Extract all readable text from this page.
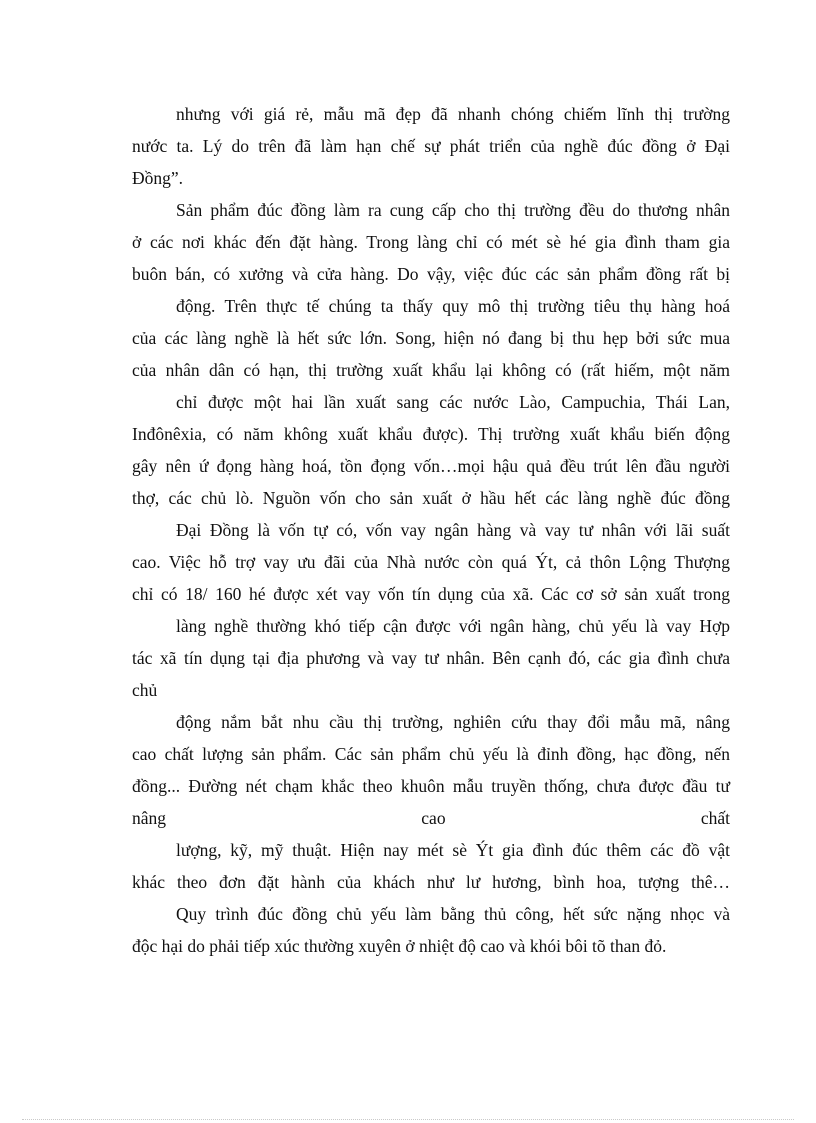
nhưng với giá rẻ, mẫu mã đẹp đã nhanh chóng chiếm lĩnh thị trường
nước ta. Lý do trên đã làm hạn chế sự phát triển của nghề đúc đồng ở Đại
Đồng”.
Sản phẩm đúc đồng làm ra cung cấp cho thị trường đều do thương nhân
ở các nơi khác đến đặt hàng. Trong làng chỉ có mét sè hé gia đình tham gia
buôn bán, có xưởng và cửa hàng. Do vậy, việc đúc các sản phẩm đồng rất bị
động. Trên thực tế chúng ta thấy quy mô thị trường tiêu thụ hàng hoá
của các làng nghề là hết sức lớn. Song, hiện nó đang bị thu hẹp bởi sức mua
của nhân dân có hạn, thị trường xuất khẩu lại không có (rất hiếm, một năm
chỉ được một hai lần xuất sang các nước Lào, Campuchia, Thái Lan,
Inđônêxia, có năm không xuất khẩu được). Thị trường xuất khẩu biến động
gây nên ứ đọng hàng hoá, tồn đọng vốn…mọi hậu quả đều trút lên đầu người
thợ, các chủ lò. Nguồn vốn cho sản xuất ở hầu hết các làng nghề đúc đồng
Đại Đồng là vốn tự có, vốn vay ngân hàng và vay tư nhân với lãi suất
cao. Việc hỗ trợ vay ưu đãi của Nhà nước còn quá Ýt, cả thôn Lộng Thượng
chỉ có 18/ 160 hé được xét vay vốn tín dụng của xã. Các cơ sở sản xuất trong
làng nghề thường khó tiếp cận được với ngân hàng, chủ yếu là vay Hợp
tác xã tín dụng tại địa phương và vay tư nhân. Bên cạnh đó, các gia đình chưa
chủ
động nắm bắt nhu cầu thị trường, nghiên cứu thay đổi mẫu mã, nâng
cao chất lượng sản phẩm. Các sản phẩm chủ yếu là đỉnh đồng, hạc đồng, nến
đồng... Đường nét chạm khắc theo khuôn mẫu truyền thống, chưa được đầu tư
nâng cao chất
lượng, kỹ, mỹ thuật. Hiện nay mét sè Ýt gia đình đúc thêm các đồ vật
khác theo đơn đặt hành của khách như lư hương, bình hoa, tượng thê…
Quy trình đúc đồng chủ yếu làm bằng thủ công, hết sức nặng nhọc và
độc hại do phải tiếp xúc thường xuyên ở nhiệt độ cao và khói bôi tõ than đỏ.
